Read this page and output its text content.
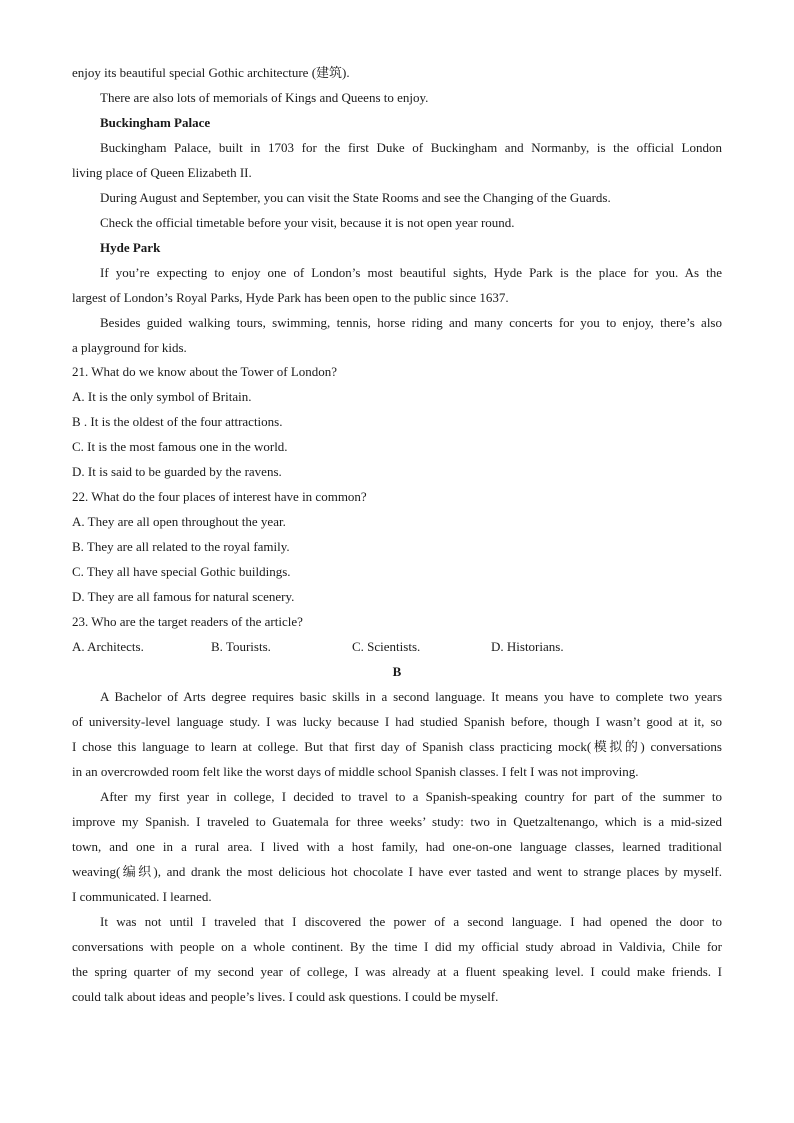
enjoy its beautiful special Gothic architecture (建筑).
There are also lots of memorials of Kings and Queens to enjoy.
Buckingham Palace
Buckingham Palace, built in 1703 for the first Duke of Buckingham and Normanby, is the official London
living place of Queen Elizabeth II.
During August and September, you can visit the State Rooms and see the Changing of the Guards.
Check the official timetable before your visit, because it is not open year round.
Hyde Park
If you’re expecting to enjoy one of London’s most beautiful sights, Hyde Park is the place for you. As the
largest of London’s Royal Parks, Hyde Park has been open to the public since 1637.
Besides guided walking tours, swimming, tennis, horse riding and many concerts for you to enjoy, there’s also
a playground for kids.
21. What do we know about the Tower of London?
A. It is the only symbol of Britain.
B . It is the oldest of the four attractions.
C. It is the most famous one in the world.
D. It is said to be guarded by the ravens.
22. What do the four places of interest have in common?
A. They are all open throughout the year.
B. They are all related to the royal family.
C. They all have special Gothic buildings.
D. They are all famous for natural scenery.
23. Who are the target readers of the article?
A. Architects.	B. Tourists.	C. Scientists.	D. Historians.
B
A Bachelor of Arts degree requires basic skills in a second language. It means you have to complete two years
of university-level language study. I was lucky because I had studied Spanish before, though I wasn’t good at it, so
I chose this language to learn at college. But that first day of Spanish class practicing mock(模拟的) conversations
in an overcrowded room felt like the worst days of middle school Spanish classes. I felt I was not improving.
After my first year in college, I decided to travel to a Spanish-speaking country for part of the summer to
improve my Spanish. I traveled to Guatemala for three weeks’ study: two in Quetzaltenango, which is a mid-sized
town, and one in a rural area. I lived with a host family, had one-on-one language classes, learned traditional
weaving(编织), and drank the most delicious hot chocolate I have ever tasted and went to strange places by myself.
I communicated. I learned.
It was not until I traveled that I discovered the power of a second language. I had opened the door to
conversations with people on a whole continent. By the time I did my official study abroad in Valdivia, Chile for
the spring quarter of my second year of college, I was already at a fluent speaking level. I could make friends. I
could talk about ideas and people’s lives. I could ask questions. I could be myself.
